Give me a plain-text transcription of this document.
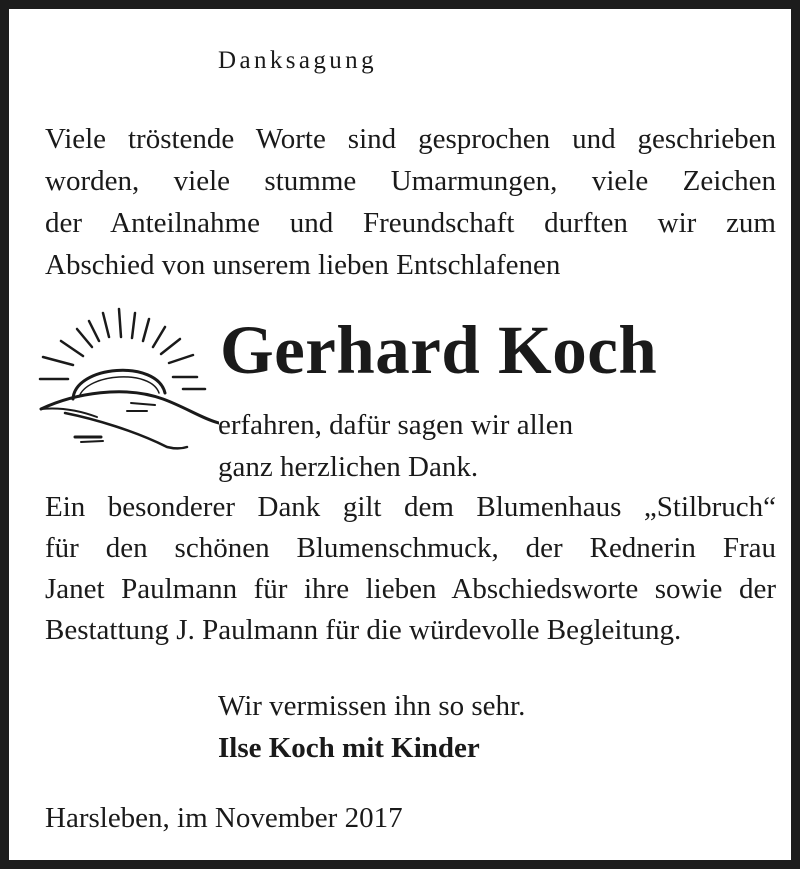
Danksagung

Viele tröstende Worte sind gesprochen und geschrieben

worden, viele stumme Umarmungen, viele Zeichen

der Anteilnahme und Freundschaft durften wir zum

Abschied von unserem lieben Entschlafenen

Gerhard Koch

erfahren, dafür sagen wir allen

ganz herzlichen Dank.

Ein besonderer Dank gilt dem Blumenhaus „Stilbruch“

für den schönen Blumenschmuck, der Rednerin Frau

Janet Paulmann für ihre lieben Abschiedsworte sowie der

Bestattung J. Paulmann für die würdevolle Begleitung.

Wir vermissen ihn so sehr.

Ilse Koch mit Kinder

Harsleben, im November 2017
